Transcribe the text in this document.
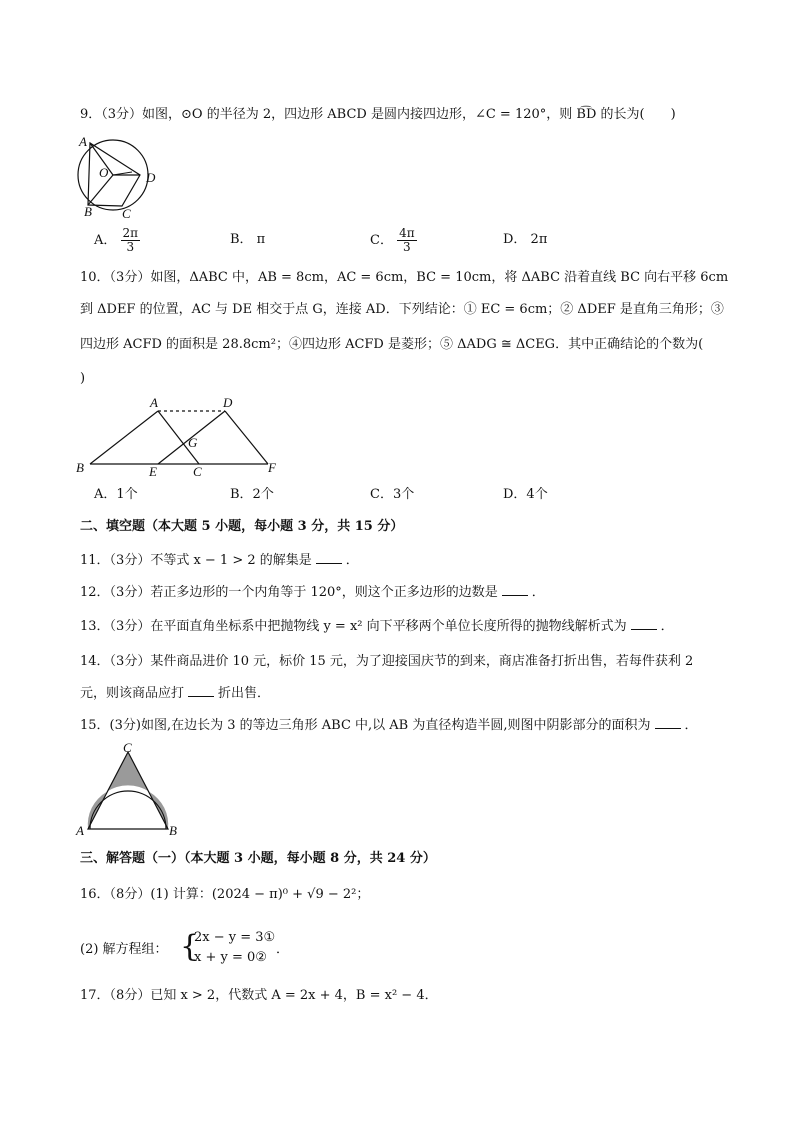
9．（3分）如图，⊙O 的半径为 2，四边形 ABCD 是圆内接四边形，∠C = 120°，则 B͡D 的长为(　　)
A
O	D
B C
A． $\frac{2\pi}{3}$	B． π	C． $\frac{4\pi}{3}$	D． 2π
10．（3分）如图，ΔABC 中，AB = 8cm，AC = 6cm，BC = 10cm，将 ΔABC 沿着直线 BC 向右平移 6cm
到 ΔDEF 的位置，AC 与 DE 相交于点 G，连接 AD．下列结论：① EC = 6cm；② ΔDEF 是直角三角形；③
四边形 ACFD 的面积是 28.8cm²；④四边形 ACFD 是菱形；⑤ ΔADG ≅ ΔCEG．其中正确结论的个数为(
)
A	D
G
B	E	C	F
A．1个	B．2个	C．3个	D．4个
二、填空题（本大题 5 小题，每小题 3 分，共 15 分）
11．（3分）不等式 x − 1 > 2 的解集是	．
12．（3分）若正多边形的一个内角等于 120°，则这个正多边形的边数是	．
13．（3分）在平面直角坐标系中把抛物线 y = x² 向下平移两个单位长度所得的抛物线解析式为	．
14．（3分）某件商品进价 10 元，标价 15 元，为了迎接国庆节的到来，商店准备打折出售，若每件获利 2
元，则该商品应打	折出售．
15．(3分)如图,在边长为 3 的等边三角形 ABC 中,以 AB 为直径构造半圆,则图中阴影部分的面积为	．
C
A	B
三、解答题（一）（本大题 3 小题，每小题 8 分，共 24 分）
16．（8分）(1) 计算：(2024 − π)⁰ + √9 − 2²；
(2) 解方程组： {
2x − y = 3①
x + y = 0②
．
17．（8分）已知 x > 2，代数式 A = 2x + 4，B = x² − 4．
